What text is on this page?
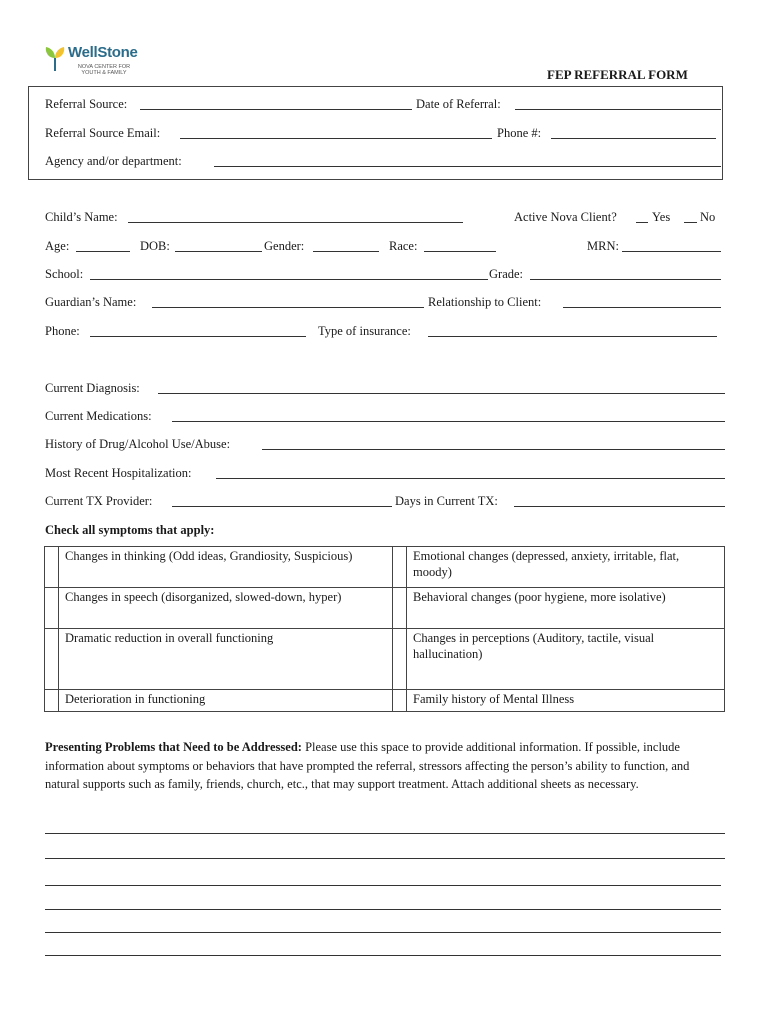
WellStone
NOVA CENTER FOR YOUTH & FAMILY	FEP REFERRAL FORM
Referral Source:	Date of Referral:
Referral Source Email:	Phone #:
Agency and/or department:
Child’s Name:	Active Nova Client?	Yes No
Age:	DOB:	Gender:	Race:	MRN:
School:	Grade:
Guardian’s Name:	Relationship to Client:
Phone:	Type of insurance:
Current Diagnosis:
Current Medications:
History of Drug/Alcohol Use/Abuse:
Most Recent Hospitalization:
Current TX Provider:	Days in Current TX:
Check all symptoms that apply:
	Changes in thinking (Odd ideas, Grandiosity, Suspicious)		Emotional changes (depressed, anxiety, irritable, flat, moody)
	Changes in speech (disorganized, slowed-down, hyper)		Behavioral changes (poor hygiene, more isolative)
	Dramatic reduction in overall functioning		Changes in perceptions (Auditory, tactile, visual hallucination)
	Deterioration in functioning		Family history of Mental Illness
Presenting Problems that Need to be Addressed: Please use this space to provide additional information. If possible, include information about symptoms or behaviors that have prompted the referral, stressors affecting the person’s ability to function, and natural supports such as family, friends, church, etc., that may support treatment. Attach additional sheets as necessary.
